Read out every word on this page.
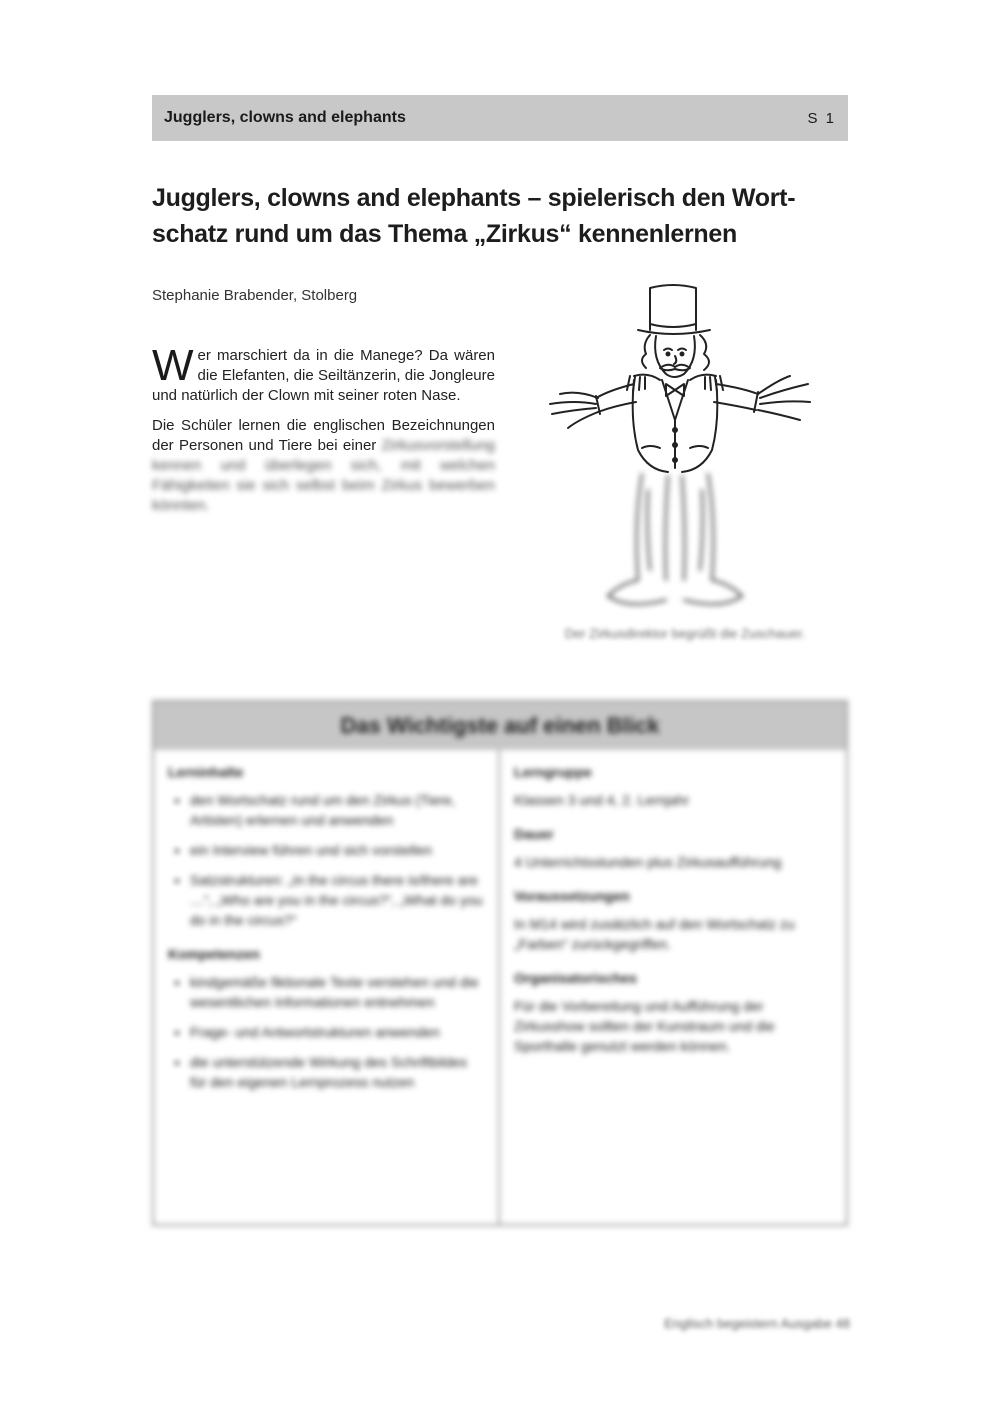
Jugglers, clowns and elephants	S 1
Jugglers, clowns and elephants – spielerisch den Wort-
schatz rund um das Thema „Zirkus“ kennenlernen
Stephanie Brabender, Stolberg

Wer marschiert da in die Manege? Da wären die Elefanten, die Seiltänzerin, die Jongleure und natürlich der Clown mit seiner roten Nase.

Die Schüler lernen die englischen Bezeichnungen der Personen und Tiere bei einer Zirkusvorstellung kennen und überlegen sich, mit welchen Fähigkeiten sie sich selbst beim Zirkus bewerben könnten.

Der Zirkusdirektor begrüßt die Zuschauer.
Das Wichtigste auf einen Blick
Lerninhalte
• den Wortschatz rund um den Zirkus (Tiere, Artisten) erlernen und anwenden
• ein Interview führen und sich vorstellen
• Satzstrukturen: „In the circus there is/there are …“, „Who are you in the circus?“, „What do you do in the circus?“
Kompetenzen
• kindgemäße fiktionale Texte verstehen und die wesentlichen Informationen entnehmen
• Frage- und Antwortstrukturen anwenden
• die unterstützende Wirkung des Schriftbildes für den eigenen Lernprozess nutzen
Lerngruppe

Klassen 3 und 4, 2. Lernjahr

Dauer

4 Unterrichtsstunden plus Zirkusaufführung

Voraussetzungen

In M14 wird zusätzlich auf den Wortschatz zu „Farben“ zurückgegriffen.

Organisatorisches

Für die Vorbereitung und Aufführung der Zirkusshow sollten der Kunstraum und die Sporthalle genutzt werden können.

Englisch begeistern Ausgabe 48
